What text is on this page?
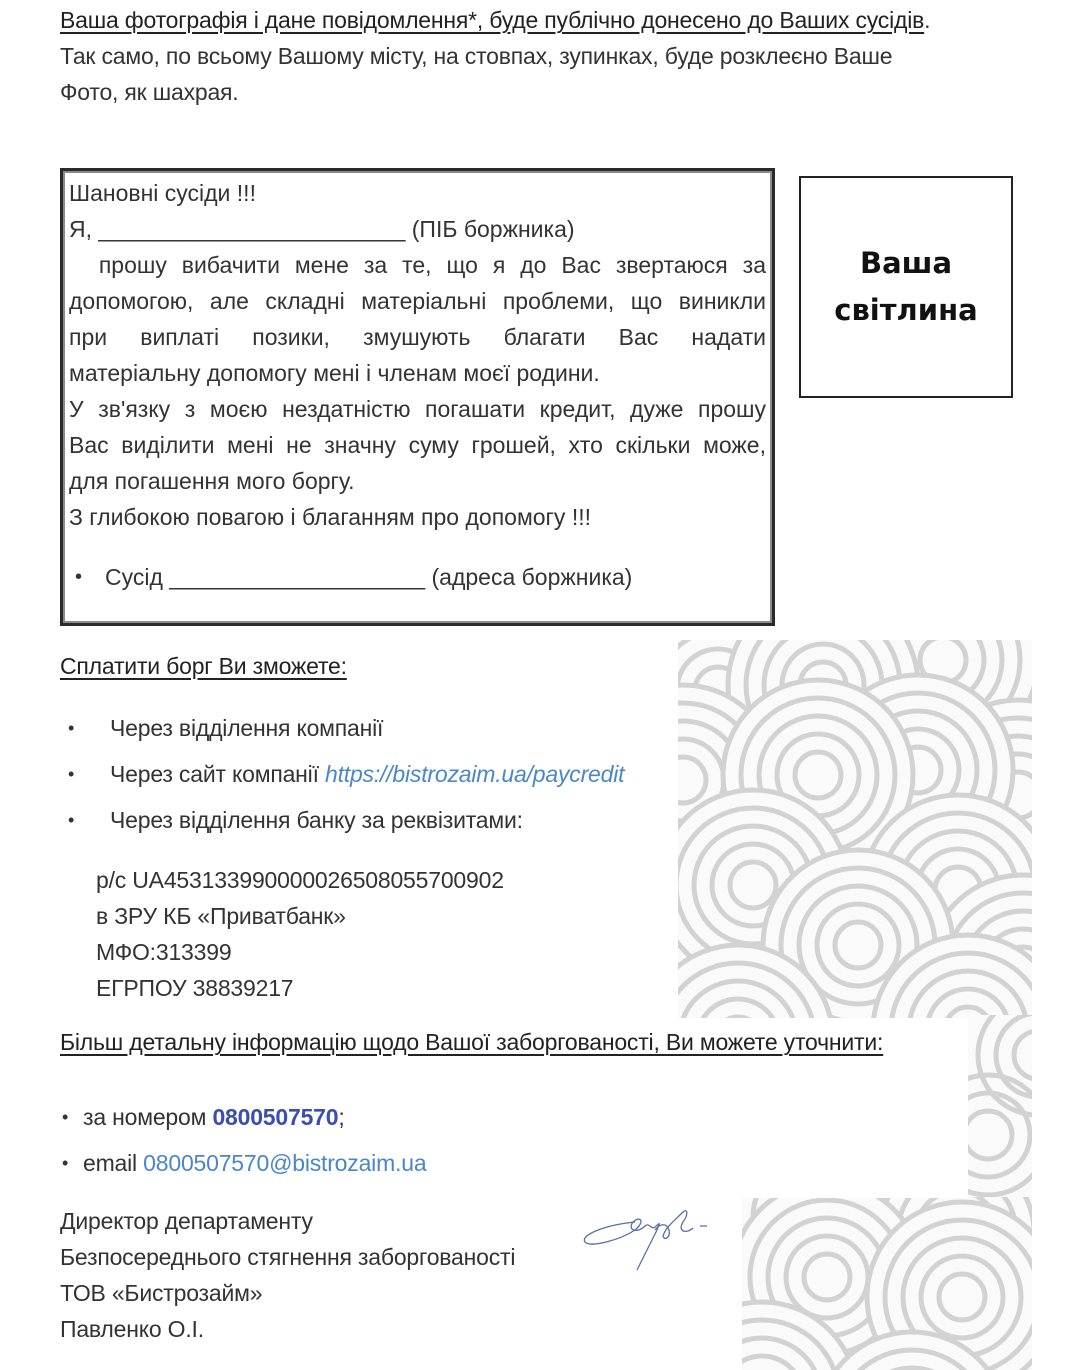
Ваша фотографія і дане повідомлення*, буде публічно донесено до Ваших сусідів.
Так само, по всьому Вашому місту, на стовпах, зупинках, буде розклеєно Ваше
Фото, як шахрая.

Шановні сусіди !!!

Я, ________________________ (ПІБ боржника)

прошу вибачити мене за те, що я до Вас звертаюся за

допомогою, але складні матеріальні проблеми, що виникли

при виплаті позики, змушують благати Вас надати

матеріальну допомогу мені і членам моєї родини.

У зв'язку з моєю нездатністю погашати кредит, дуже прошу

Вас виділити мені не значну суму грошей, хто скільки може,

для погашення мого боргу.

З глибокою повагою і благанням про допомогу !!!

• Сусід ____________________ (адреса боржника)

Ваша
світлина
Сплатити борг Ви зможете:
•	Через відділення компанії
•	Через сайт компанії
https://bistrozaim.ua/paycredit
•	Через відділення банку за реквізитами:
р/с UA453133990000026508055700902
в ЗРУ КБ «Приватбанк»
МФО:313399
ЕГРПОУ 38839217
Більш детальну інформацію щодо Вашої заборгованості, Ви можете уточнити:
• за номером
0800507570 ;
• email
0800507570@bistrozaim.ua
Директор департаменту
Безпосереднього стягнення заборгованості
ТОВ «Бистрозайм»
Павленко О.І.
